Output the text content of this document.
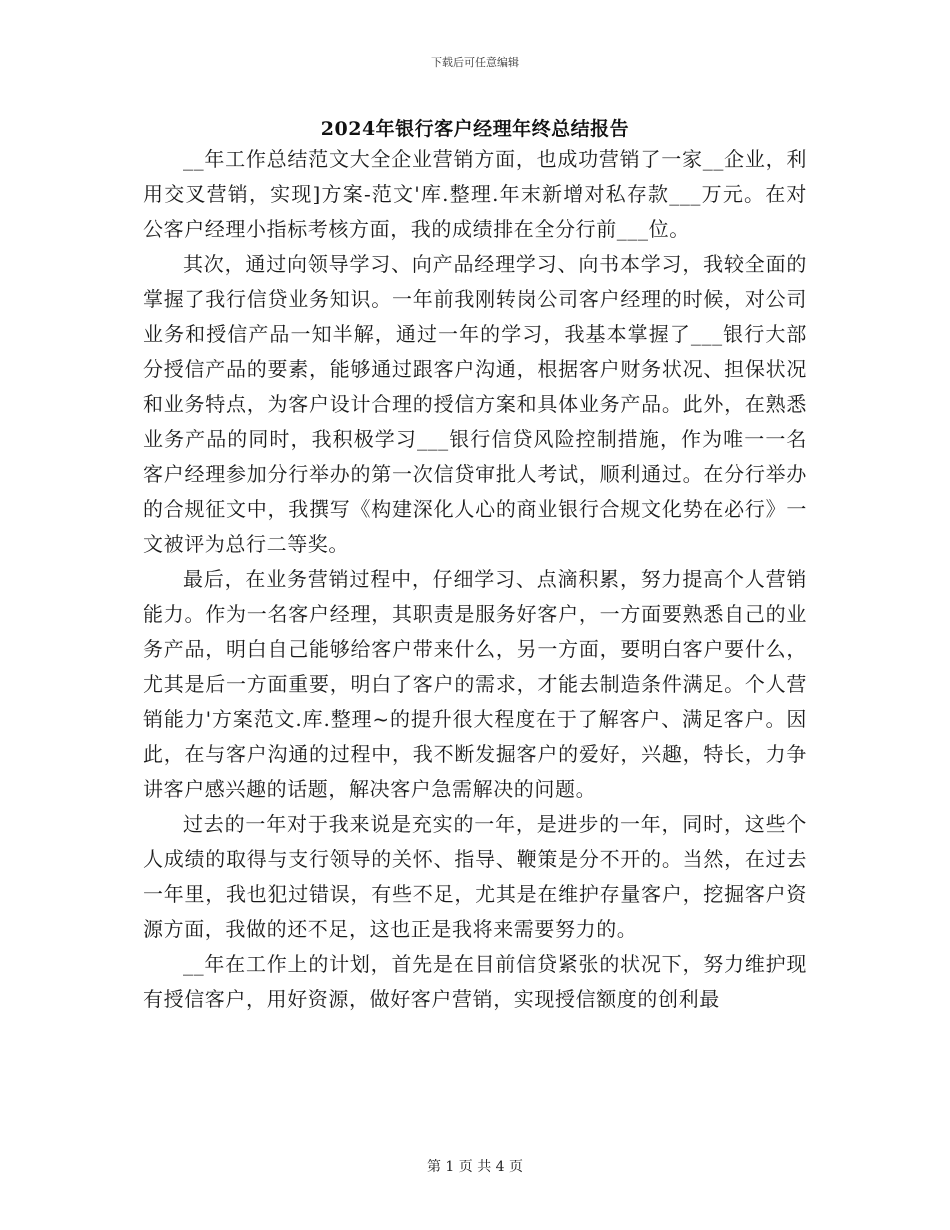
下载后可任意编辑
2024年银行客户经理年终总结报告

__年工作总结范文大全企业营销方面，也成功营销了一家__企业，利用交叉营销，实现]方案-范文'库.整理.年末新增对私存款___万元。在对公客户经理小指标考核方面，我的成绩排在全分行前___位。

其次，通过向领导学习、向产品经理学习、向书本学习，我较全面的掌握了我行信贷业务知识。一年前我刚转岗公司客户经理的时候，对公司业务和授信产品一知半解，通过一年的学习，我基本掌握了___银行大部分授信产品的要素，能够通过跟客户沟通，根据客户财务状况、担保状况和业务特点，为客户设计合理的授信方案和具体业务产品。此外，在熟悉业务产品的同时，我积极学习___银行信贷风险控制措施，作为唯一一名客户经理参加分行举办的第一次信贷审批人考试，顺利通过。在分行举办的合规征文中，我撰写《构建深化人心的商业银行合规文化势在必行》一文被评为总行二等奖。

最后，在业务营销过程中，仔细学习、点滴积累，努力提高个人营销能力。作为一名客户经理，其职责是服务好客户，一方面要熟悉自己的业务产品，明白自己能够给客户带来什么，另一方面，要明白客户要什么，尤其是后一方面重要，明白了客户的需求，才能去制造条件满足。个人营销能力'方案范文.库.整理~的提升很大程度在于了解客户、满足客户。因此，在与客户沟通的过程中，我不断发掘客户的爱好，兴趣，特长，力争讲客户感兴趣的话题，解决客户急需解决的问题。

过去的一年对于我来说是充实的一年，是进步的一年，同时，这些个人成绩的取得与支行领导的关怀、指导、鞭策是分不开的。当然，在过去一年里，我也犯过错误，有些不足，尤其是在维护存量客户，挖掘客户资源方面，我做的还不足，这也正是我将来需要努力的。

__年在工作上的计划，首先是在目前信贷紧张的状况下，努力维护现有授信客户，用好资源，做好客户营销，实现授信额度的创利最

第 1 页 共 4 页
